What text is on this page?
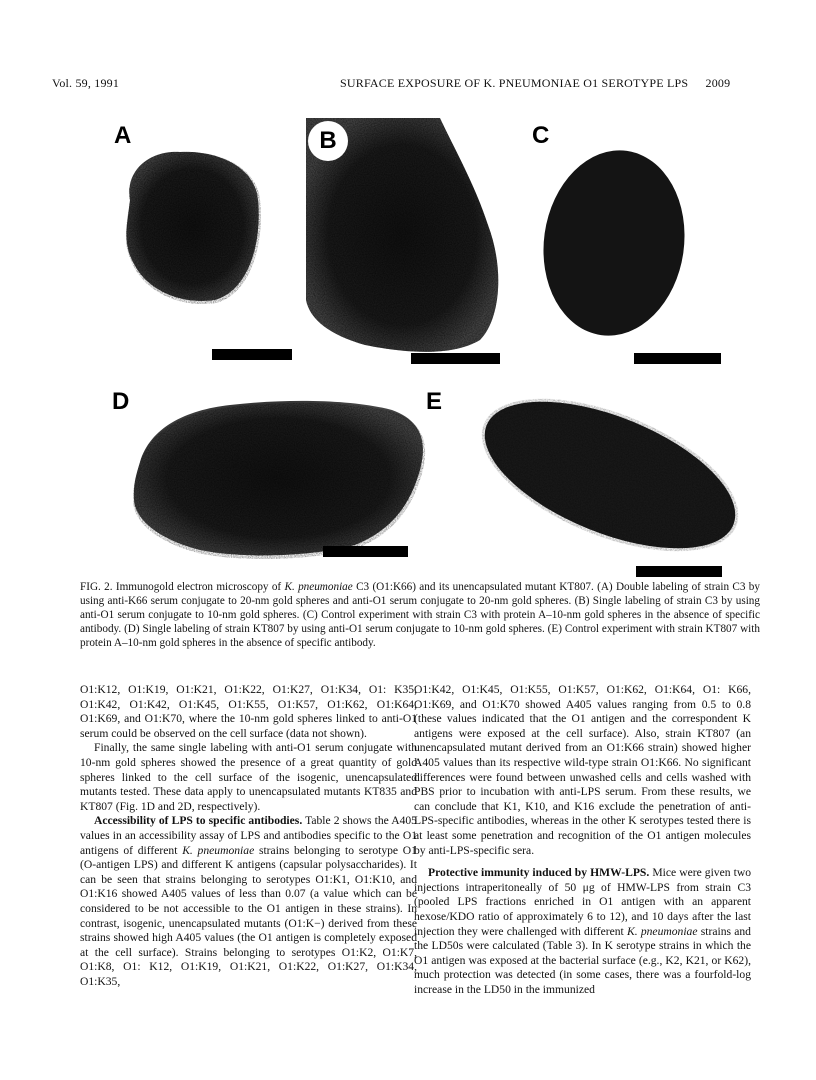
Vol. 59, 1991	SURFACE EXPOSURE OF K. PNEUMONIAE O1 SEROTYPE LPS 2009
A	B	C
D	E
FIG. 2. Immunogold electron microscopy of K. pneumoniae C3 (O1:K66) and its unencapsulated mutant KT807. (A) Double labeling of strain C3 by using anti-K66 serum conjugate to 20-nm gold spheres and anti-O1 serum conjugate to 20-nm gold spheres. (B) Single labeling of strain C3 by using anti-O1 serum conjugate to 10-nm gold spheres. (C) Control experiment with strain C3 with protein A–10-nm gold spheres in the absence of specific antibody. (D) Single labeling of strain KT807 by using anti-O1 serum conjugate to 10-nm gold spheres. (E) Control experiment with strain KT807 with protein A–10-nm gold spheres in the absence of specific antibody.

O1:K12, O1:K19, O1:K21, O1:K22, O1:K27, O1:K34, O1: K35, O1:K42, O1:K42, O1:K45, O1:K55, O1:K57, O1:K62, O1:K64, O1:K69, and O1:K70, where the 10-nm gold spheres linked to anti-O1 serum could be observed on the cell surface (data not shown).

Finally, the same single labeling with anti-O1 serum conjugate with 10-nm gold spheres showed the presence of a great quantity of gold spheres linked to the cell surface of the isogenic, unencapsulated mutants tested. These data apply to unencapsulated mutants KT835 and KT807 (Fig. 1D and 2D, respectively).

Accessibility of LPS to specific antibodies. Table 2 shows the A405 values in an accessibility assay of LPS and antibodies specific to the O1 antigens of different K. pneumoniae strains belonging to serotype O1 (O-antigen LPS) and different K antigens (capsular polysaccharides). It can be seen that strains belonging to serotypes O1:K1, O1:K10, and O1:K16 showed A405 values of less than 0.07 (a value which can be considered to be not accessible to the O1 antigen in these strains). In contrast, isogenic, unencapsulated mutants (O1:K−) derived from these strains showed high A405 values (the O1 antigen is completely exposed at the cell surface). Strains belonging to serotypes O1:K2, O1:K7, O1:K8, O1: K12, O1:K19, O1:K21, O1:K22, O1:K27, O1:K34, O1:K35,

O1:K42, O1:K45, O1:K55, O1:K57, O1:K62, O1:K64, O1: K66, O1:K69, and O1:K70 showed A405 values ranging from 0.5 to 0.8 (these values indicated that the O1 antigen and the correspondent K antigens were exposed at the cell surface). Also, strain KT807 (an unencapsulated mutant derived from an O1:K66 strain) showed higher A405 values than its respective wild-type strain O1:K66. No significant differences were found between unwashed cells and cells washed with PBS prior to incubation with anti-LPS serum. From these results, we can conclude that K1, K10, and K16 exclude the penetration of anti-LPS-specific antibodies, whereas in the other K serotypes tested there is at least some penetration and recognition of the O1 antigen molecules by anti-LPS-specific sera.

Protective immunity induced by HMW-LPS. Mice were given two injections intraperitoneally of 50 μg of HMW-LPS from strain C3 (pooled LPS fractions enriched in O1 antigen with an apparent hexose/KDO ratio of approximately 6 to 12), and 10 days after the last injection they were challenged with different K. pneumoniae strains and the LD50s were calculated (Table 3). In K serotype strains in which the O1 antigen was exposed at the bacterial surface (e.g., K2, K21, or K62), much protection was detected (in some cases, there was a fourfold-log increase in the LD50 in the immunized
